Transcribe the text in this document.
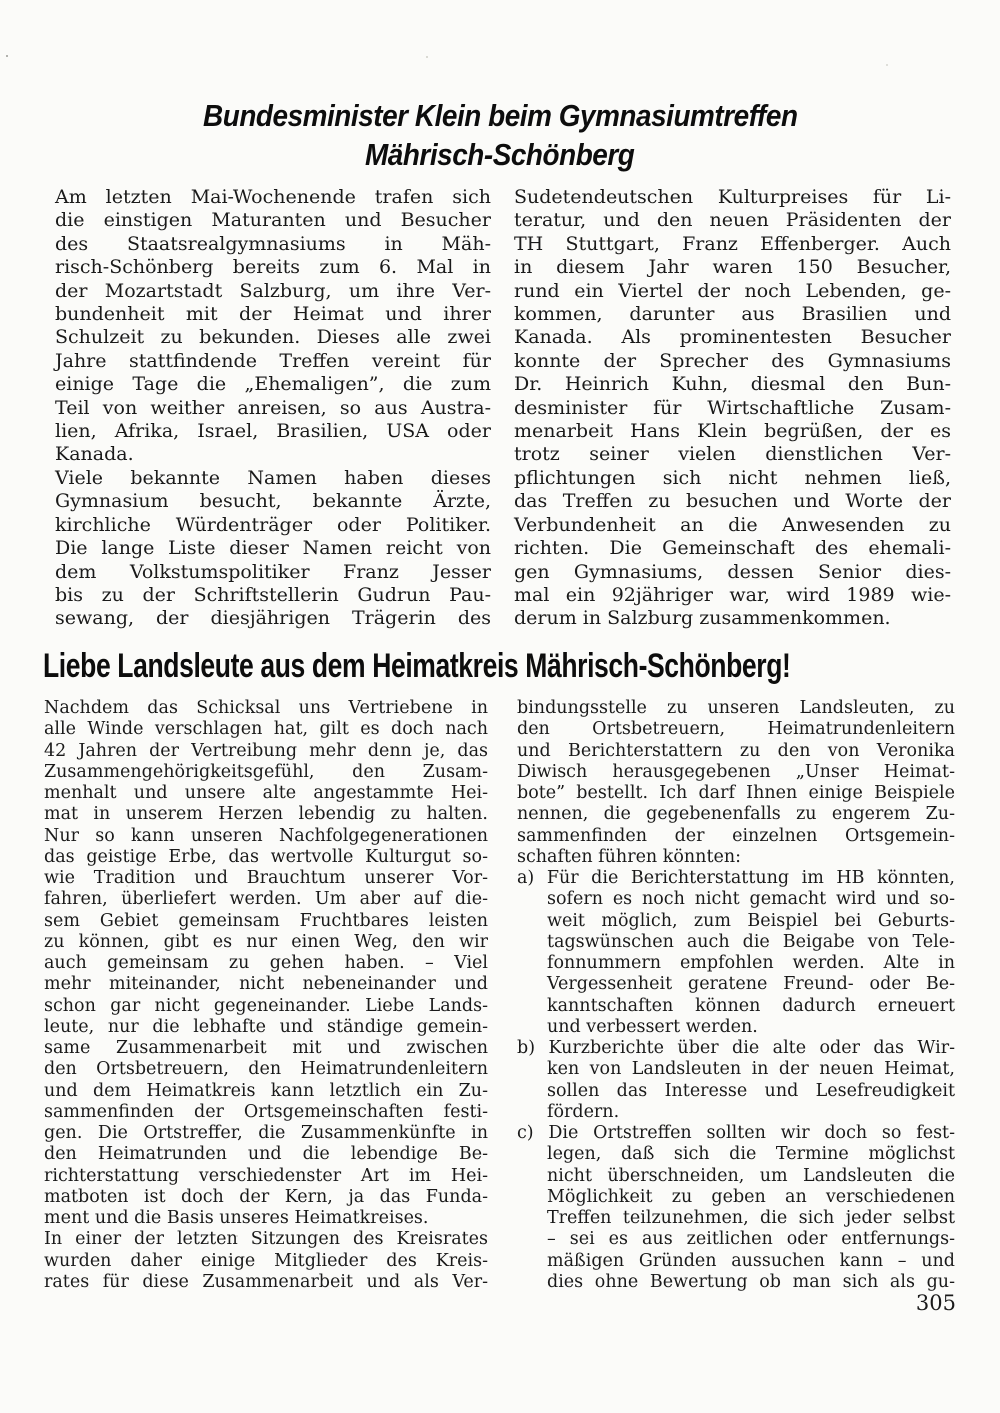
Bundesminister Klein beim Gymnasiumtreffen
Mährisch-Schönberg
Am letzten Mai-Wochenende trafen sich
die einstigen Maturanten und Besucher
des Staatsrealgymnasiums in Mäh-
risch-Schönberg bereits zum 6. Mal in
der Mozartstadt Salzburg, um ihre Ver-
bundenheit mit der Heimat und ihrer
Schulzeit zu bekunden. Dieses alle zwei
Jahre stattfindende Treffen vereint für
einige Tage die „Ehemaligen”, die zum
Teil von weither anreisen, so aus Austra-
lien, Afrika, Israel, Brasilien, USA oder
Kanada.
Viele bekannte Namen haben dieses
Gymnasium besucht, bekannte Ärzte,
kirchliche Würdenträger oder Politiker.
Die lange Liste dieser Namen reicht von
dem Volkstumspolitiker Franz Jesser
bis zu der Schriftstellerin Gudrun Pau-
sewang, der diesjährigen Trägerin des
Sudetendeutschen Kulturpreises für Li-
teratur, und den neuen Präsidenten der
TH Stuttgart, Franz Effenberger. Auch
in diesem Jahr waren 150 Besucher,
rund ein Viertel der noch Lebenden, ge-
kommen, darunter aus Brasilien und
Kanada. Als prominentesten Besucher
konnte der Sprecher des Gymnasiums
Dr. Heinrich Kuhn, diesmal den Bun-
desminister für Wirtschaftliche Zusam-
menarbeit Hans Klein begrüßen, der es
trotz seiner vielen dienstlichen Ver-
pflichtungen sich nicht nehmen ließ,
das Treffen zu besuchen und Worte der
Verbundenheit an die Anwesenden zu
richten. Die Gemeinschaft des ehemali-
gen Gymnasiums, dessen Senior dies-
mal ein 92jähriger war, wird 1989 wie-
derum in Salzburg zusammenkommen.
Liebe Landsleute aus dem Heimatkreis Mährisch-Schönberg!
Nachdem das Schicksal uns Vertriebene in
alle Winde verschlagen hat, gilt es doch nach
42 Jahren der Vertreibung mehr denn je, das
Zusammengehörigkeitsgefühl, den Zusam-
menhalt und unsere alte angestammte Hei-
mat in unserem Herzen lebendig zu halten.
Nur so kann unseren Nachfolgegenerationen
das geistige Erbe, das wertvolle Kulturgut so-
wie Tradition und Brauchtum unserer Vor-
fahren, überliefert werden. Um aber auf die-
sem Gebiet gemeinsam Fruchtbares leisten
zu können, gibt es nur einen Weg, den wir
auch gemeinsam zu gehen haben. – Viel
mehr miteinander, nicht nebeneinander und
schon gar nicht gegeneinander. Liebe Lands-
leute, nur die lebhafte und ständige gemein-
same Zusammenarbeit mit und zwischen
den Ortsbetreuern, den Heimatrundenleitern
und dem Heimatkreis kann letztlich ein Zu-
sammenfinden der Ortsgemeinschaften festi-
gen. Die Ortstreffer, die Zusammenkünfte in
den Heimatrunden und die lebendige Be-
richterstattung verschiedenster Art im Hei-
matboten ist doch der Kern, ja das Funda-
ment und die Basis unseres Heimatkreises.
In einer der letzten Sitzungen des Kreisrates
wurden daher einige Mitglieder des Kreis-
rates für diese Zusammenarbeit und als Ver-
bindungsstelle zu unseren Landsleuten, zu
den Ortsbetreuern, Heimatrundenleitern
und Berichterstattern zu den von Veronika
Diwisch herausgegebenen „Unser Heimat-
bote” bestellt. Ich darf Ihnen einige Beispiele
nennen, die gegebenenfalls zu engerem Zu-
sammenfinden der einzelnen Ortsgemein-
schaften führen könnten:
a) Für die Berichterstattung im HB könnten,
sofern es noch nicht gemacht wird und so-
weit möglich, zum Beispiel bei Geburts-
tagswünschen auch die Beigabe von Tele-
fonnummern empfohlen werden. Alte in
Vergessenheit geratene Freund- oder Be-
kanntschaften können dadurch erneuert
und verbessert werden.
b) Kurzberichte über die alte oder das Wir-
ken von Landsleuten in der neuen Heimat,
sollen das Interesse und Lesefreudigkeit
fördern.
c) Die Ortstreffen sollten wir doch so fest-
legen, daß sich die Termine möglichst
nicht überschneiden, um Landsleuten die
Möglichkeit zu geben an verschiedenen
Treffen teilzunehmen, die sich jeder selbst
– sei es aus zeitlichen oder entfernungs-
mäßigen Gründen aussuchen kann – und
dies ohne Bewertung ob man sich als gu-
305
